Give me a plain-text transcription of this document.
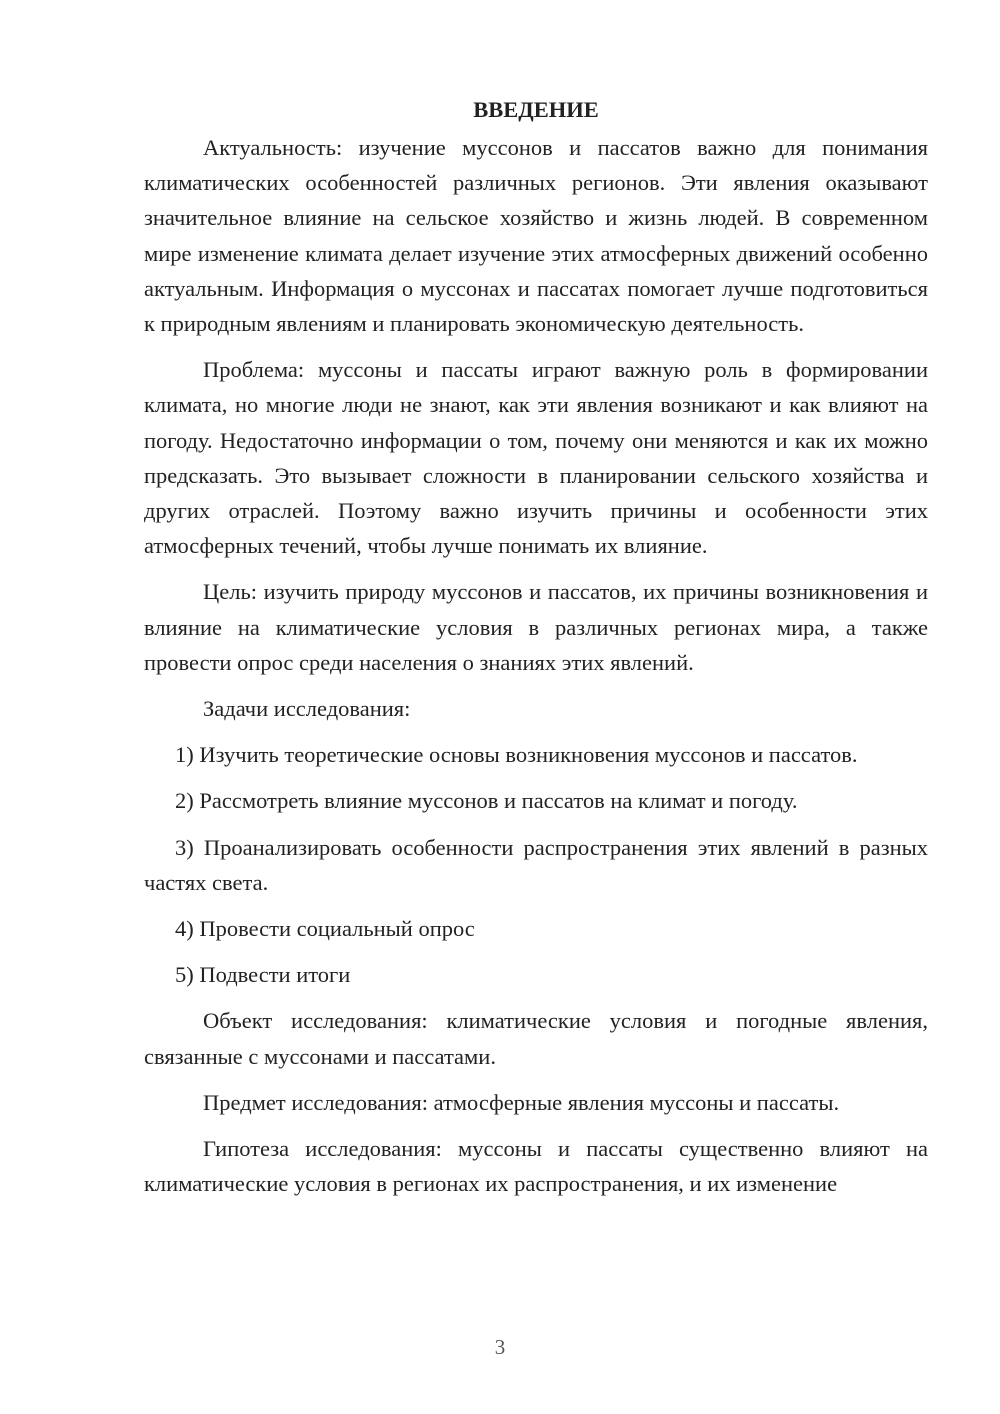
ВВЕДЕНИЕ

Актуальность: изучение муссонов и пассатов важно для понимания климатических особенностей различных регионов. Эти явления оказывают значительное влияние на сельское хозяйство и жизнь людей. В современном мире изменение климата делает изучение этих атмосферных движений особенно актуальным. Информация о муссонах и пассатах помогает лучше подготовиться к природным явлениям и планировать экономическую деятельность.

Проблема: муссоны и пассаты играют важную роль в формировании климата, но многие люди не знают, как эти явления возникают и как влияют на погоду. Недостаточно информации о том, почему они меняются и как их можно предсказать. Это вызывает сложности в планировании сельского хозяйства и других отраслей. Поэтому важно изучить причины и особенности этих атмосферных течений, чтобы лучше понимать их влияние.

Цель: изучить природу муссонов и пассатов, их причины возникновения и влияние на климатические условия в различных регионах мира, а также провести опрос среди населения о знаниях этих явлений.

Задачи исследования:

1) Изучить теоретические основы возникновения муссонов и пассатов.

2) Рассмотреть влияние муссонов и пассатов на климат и погоду.

3) Проанализировать особенности распространения этих явлений в разных частях света.

4) Провести социальный опрос

5) Подвести итоги

Объект исследования: климатические условия и погодные явления, связанные с муссонами и пассатами.

Предмет исследования: атмосферные явления муссоны и пассаты.

Гипотеза исследования: муссоны и пассаты существенно влияют на климатические условия в регионах их распространения, и их изменение

3
